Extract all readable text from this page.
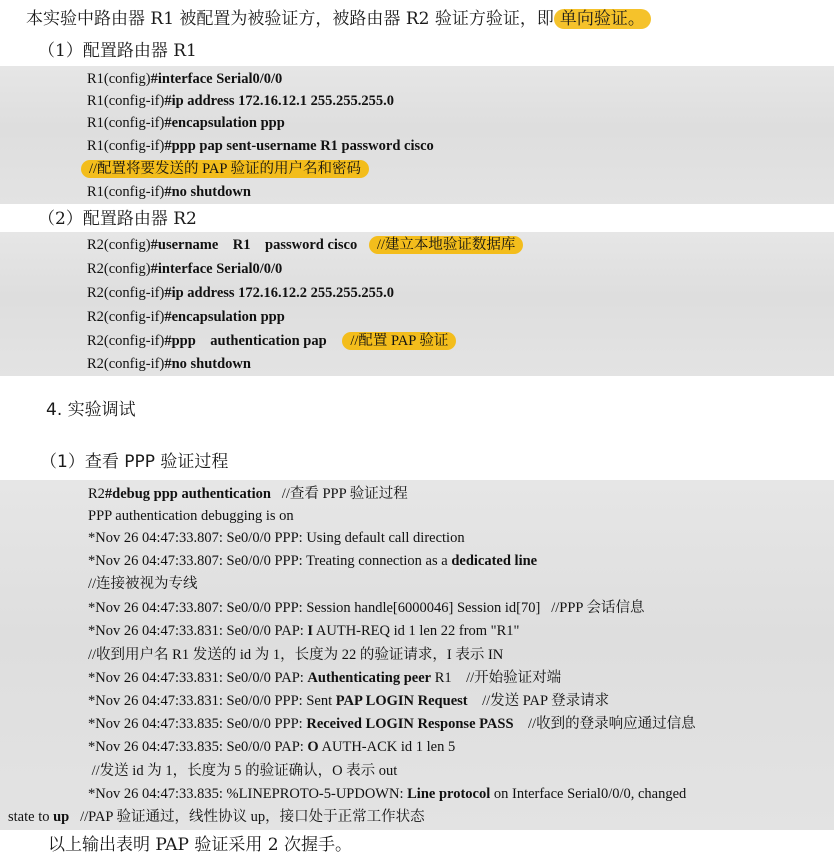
本实验中路由器 R1 被配置为被验证方，被路由器 R2 验证方验证，即 单向验证。
（1）配置路由器 R1
R1(config)#interface Serial0/0/0
R1(config-if)#ip address 172.16.12.1 255.255.255.0
R1(config-if)#encapsulation ppp
R1(config-if)#ppp pap sent-username R1 password cisco
//配置将要发送的 PAP 验证的用户名和密码
R1(config-if)#no shutdown
（2）配置路由器 R2
R2(config)#username    R1    password cisco //建立本地验证数据库
R2(config)#interface Serial0/0/0
R2(config-if)#ip address 172.16.12.2 255.255.255.0
R2(config-if)#encapsulation ppp
R2(config-if)#ppp    authentication pap //配置 PAP 验证
R2(config-if)#no shutdown
4. 实验调试
（1）查看 PPP 验证过程
R2#debug ppp authentication   //查看 PPP 验证过程
PPP authentication debugging is on
*Nov 26 04:47:33.807: Se0/0/0 PPP: Using default call direction
*Nov 26 04:47:33.807: Se0/0/0 PPP: Treating connection as a dedicated line
//连接被视为专线
*Nov 26 04:47:33.807: Se0/0/0 PPP: Session handle[6000046] Session id[70]   //PPP 会话信息
*Nov 26 04:47:33.831: Se0/0/0 PAP: I AUTH-REQ id 1 len 22 from "R1"
//收到用户名 R1 发送的 id 为 1，长度为 22 的验证请求，I 表示 IN
*Nov 26 04:47:33.831: Se0/0/0 PAP: Authenticating peer R1    //开始验证对端
*Nov 26 04:47:33.831: Se0/0/0 PPP: Sent PAP LOGIN Request    //发送 PAP 登录请求
*Nov 26 04:47:33.835: Se0/0/0 PPP: Received LOGIN Response PASS    //收到的登录响应通过信息
*Nov 26 04:47:33.835: Se0/0/0 PAP: O AUTH-ACK id 1 len 5
//发送 id 为 1，长度为 5 的验证确认，O 表示 out
*Nov 26 04:47:33.835: %LINEPROTO-5-UPDOWN: Line protocol on Interface Serial0/0/0, changed
state to up   //PAP 验证通过，线性协议 up，接口处于正常工作状态
以上输出表明 PAP 验证采用 2 次握手。
